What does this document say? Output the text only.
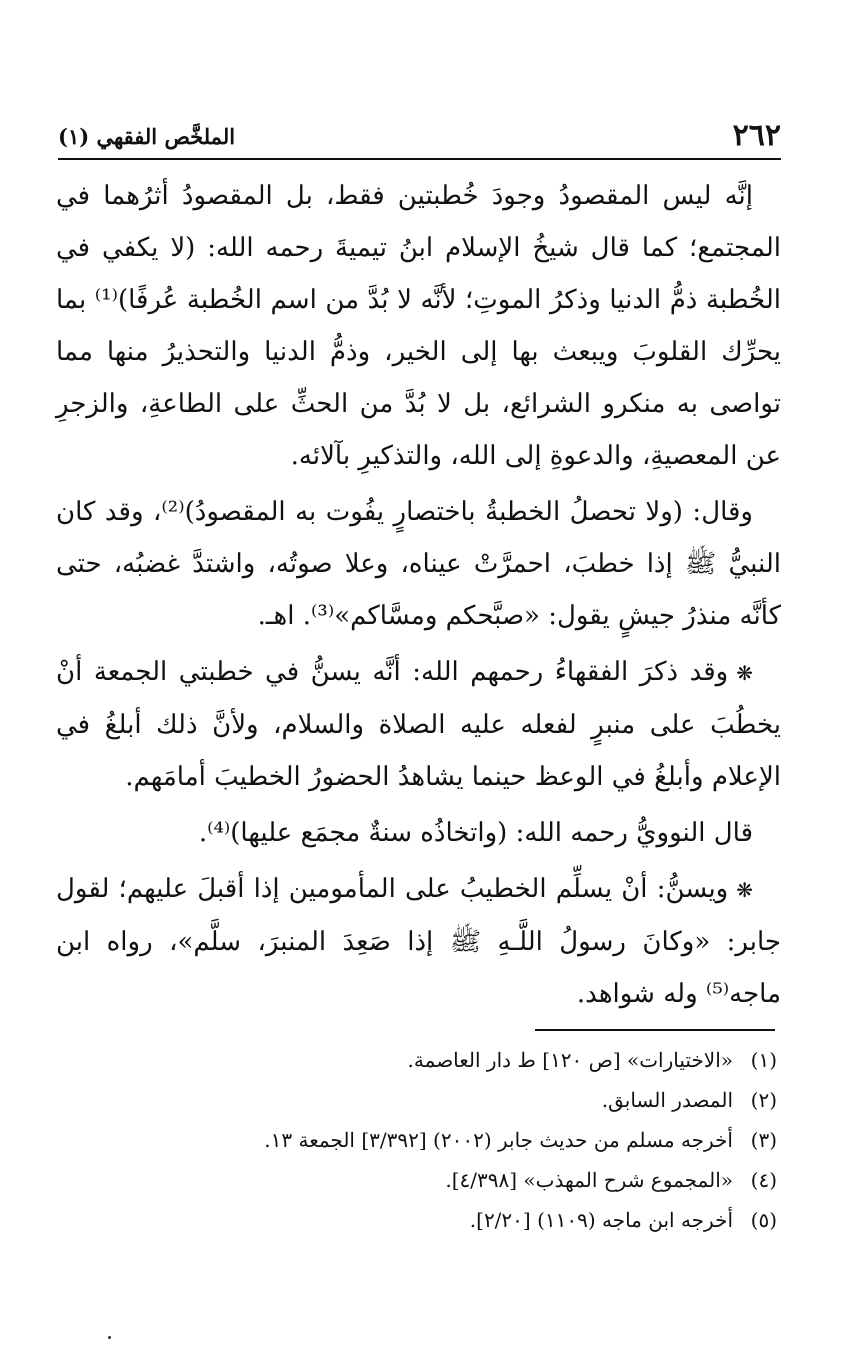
٢٦٢
الملخَّص الفقهي (١)

إنَّه ليس المقصودُ وجودَ خُطبتين فقط، بل المقصودُ أثرُهما في المجتمع؛ كما قال شيخُ الإسلام ابنُ تيميةَ رحمه الله: (لا يكفي في الخُطبة ذمُّ الدنيا وذكرُ الموتِ؛ لأنَّه لا بُدَّ من اسم الخُطبة عُرفًا)⁽¹⁾ بما يحرِّك القلوبَ ويبعث بها إلى الخير، وذمُّ الدنيا والتحذيرُ منها مما تواصى به منكرو الشرائع، بل لا بُدَّ من الحثِّ على الطاعةِ، والزجرِ عن المعصيةِ، والدعوةِ إلى الله، والتذكيرِ بآلائه.

وقال: (ولا تحصلُ الخطبةُ باختصارٍ يفُوت به المقصودُ)⁽²⁾، وقد كان النبيُّ ﷺ إذا خطبَ، احمرَّتْ عيناه، وعلا صوتُه، واشتدَّ غضبُه، حتى كأنَّه منذرُ جيشٍ يقول: «صبَّحكم ومسَّاكم»⁽³⁾. اهـ.

❋وقد ذكرَ الفقهاءُ رحمهم الله: أنَّه يسنُّ في خطبتي الجمعة أنْ يخطُبَ على منبرٍ لفعله عليه الصلاة والسلام، ولأنَّ ذلك أبلغُ في الإعلام وأبلغُ في الوعظ حينما يشاهدُ الحضورُ الخطيبَ أمامَهم.

قال النوويُّ رحمه الله: (واتخاذُه سنةٌ مجمَع عليها)⁽⁴⁾.

❋ويسنُّ: أنْ يسلِّم الخطيبُ على المأمومين إذا أقبلَ عليهم؛ لقول جابر: «وكانَ رسولُ اللَّـهِ ﷺ إذا صَعِدَ المنبرَ، سلَّم»، رواه ابن ماجه⁽⁵⁾ وله شواهد.

(١)
«الاختيارات» [ص ١٢٠] ط دار العاصمة.
(٢)
المصدر السابق.
(٣)
أخرجه مسلم من حديث جابر (٢٠٠٢) [٣/٣٩٢] الجمعة ١٣.
(٤)
«المجموع شرح المهذب» [٤/٣٩٨].
(٥)
أخرجه ابن ماجه (١١٠٩) [٢/٢٠].
